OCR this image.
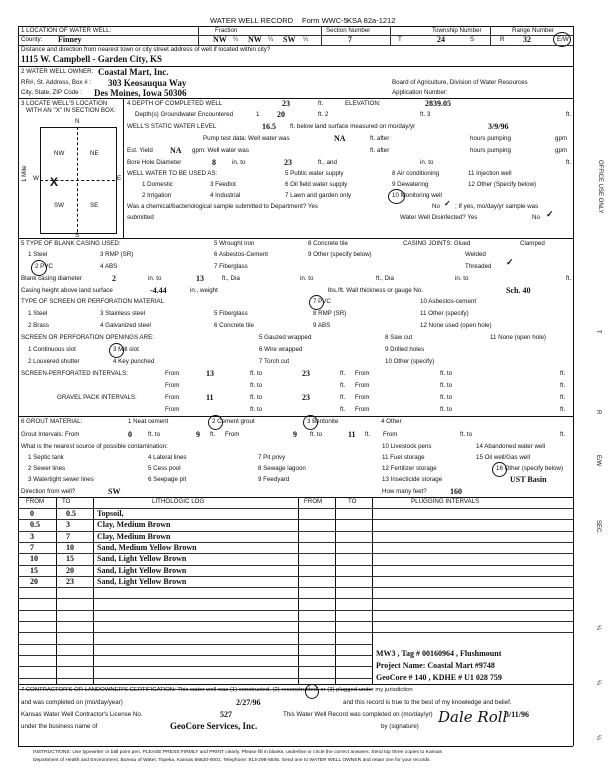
WATER WELL RECORD Form WWC-5 KSA 82a-1212
1 LOCATION OF WATER WELL:	Fraction	Section Number	Township Number	Range Number
County: Finney	NW ¼ NW ¼ SW ¼	7	T	24	S	R 32	E/W
Distance and direction from nearest town or city street address of well if located within city?
1115 W. Campbell - Garden City, KS
2 WATER WELL OWNER: Coastal Mart, Inc.
RR#, St. Address, Box # : 303 Keosauqua Way	Board of Agriculture, Division of Water Resources
City, State, ZIP Code : Des Moines, Iowa 50306	Application Number:
3 LOCATE WELL'S LOCATION
WITH AN "X" IN SECTION BOX:
N
S
W	E
NW	NE
SW	SE
X
1 Mile
4 DEPTH OF COMPLETED WELL	23	ft.	ELEVATION:	2839.05
Depth(s) Groundwater Encountered	1 20	ft. 2	ft. 3	ft.
WELL'S STATIC WATER LEVEL	16.5 ft. below land surface measured on mo/day/yr	3/9/96
Pump test data: Well water was	NA	ft. after	hours pumping	gpm
Est. Yield NA gpm: Well water was	ft. after	hours pumping	gpm
Bore Hole Diameter	8	in. to	23	ft., and	in. to	ft.
WELL WATER TO BE USED AS:	5 Public water supply	8 Air conditioning	11 Injection well
1 Domestic	3 Feedlot	6 Oil field water supply	9 Dewatering	12 Other (Specify below)
2 Irrigation	4 Industrial	7 Lawn and garden only	10 Monitoring well
Was a chemical/bacteriological sample submitted to Department? Yes	No ✓ ; If yes, mo/day/yr sample was
submitted	Water Well Disinfected? Yes	No ✓
5 TYPE OF BLANK CASING USED:	5 Wrought iron	8 Concrete tile	CASING JOINTS: Glued	Clamped
1 Steel	3 RMP (SR)	6 Asbestos-Cement	9 Other (specify below)	Welded
2 PVC	4 ABS	7 Fiberglass	Threaded ✓
Blank casing diameter	2	in. to	13	ft., Dia	in. to	ft., Dia	in. to	ft.
Casing height above land surface	-4.44	in., weight	lbs./ft. Wall thickness or gauge No.	Sch. 40
TYPE OF SCREEN OR PERFORATION MATERIAL	7 PVC	10 Asbestos-cement
1 Steel	3 Stainless steel	5 Fiberglass	8 RMP (SR)	11 Other (specify)
2 Brass	4 Galvanized steel	6 Concrete tile	9 ABS	12 None used (open hole)
SCREEN OR PERFORATION OPENINGS ARE:	5 Gauzed wrapped	8 Saw cut	11 None (open hole)
1 Continuous slot	3 Mill slot	6 Wire wrapped	9 Drilled holes
2 Louvered shutter	4 Key punched	7 Torch cut	10 Other (specify)
SCREEN-PERFORATED INTERVALS:	From	13	ft. to	23	ft. From	ft. to	ft.
From	ft. to	ft. From	ft. to	ft.
GRAVEL PACK INTERVALS:	From	11	ft. to	23	ft. From	ft. to	ft.
From	ft. to	ft. From	ft. to	ft.
6 GROUT MATERIAL:	1 Neat cement	2 Cement grout	3 Bentonite	4 Other
Grout Intervals: From	0	ft. to	9 ft. From	9 ft. to	11 ft. From	ft. to	ft.
What is the nearest source of possible contamination:	10 Livestock pens	14 Abandoned water well
1 Septic tank	4 Lateral lines	7 Pit privy	11 Fuel storage	15 Oil well/Gas well
2 Sewer lines	5 Cess pool	8 Sewage lagoon	12 Fertilizer storage	16 Other (specify below)
3 Watertight sewer lines	6 Seepage pit	9 Feedyard	13 Insecticide storage	UST Basin
Direction from well?	SW	How many feet?	160
FROM	TO	LITHOLOGIC LOG	FROM	TO	PLUGGING INTERVALS
0	0.5	Topsoil,
0.5	3	Clay, Medium Brown
3	7	Clay, Medium Brown
7	10	Sand, Medium Yellow Brown
10	15	Sand, Light Yellow Brown
15	20	Sand, Light Yellow Brown
20	23	Sand, Light Yellow Brown
MW3 , Tag # 00160964 , Flushmount
Project Name: Coastal Mart #9748
GeoCore # 140 , KDHE # U1 028 759
7 CONTRACTOR'S OR LANDOWNER'S CERTIFICATION: This water well was (1) constructed, (2) reconstructed, or (3) plugged under my jurisdiction
and was completed on (mo/day/year)	2/27/96	and this record is true to the best of my knowledge and belief.
Kansas Water Well Contractor's License No.	527	This Water Well Record was completed on (mo/day/yr)	3/11/96
under the business name of	GeoCore Services, Inc.	by (signature)
Dale Roll
INSTRUCTIONS: Use typewriter or ball point pen. PLEASE PRESS FIRMLY and PRINT clearly. Please fill in blanks, underline or circle the correct answers. Send top three copies to Kansas
Department of Health and Environment, Bureau of Water, Topeka, Kansas 66620-0001. Telephone: 913-296-5545. Send one to WATER WELL OWNER and retain one for your records.
OFFICE USE ONLY
T
R
E/W
SEC.
¼
¼
¼
